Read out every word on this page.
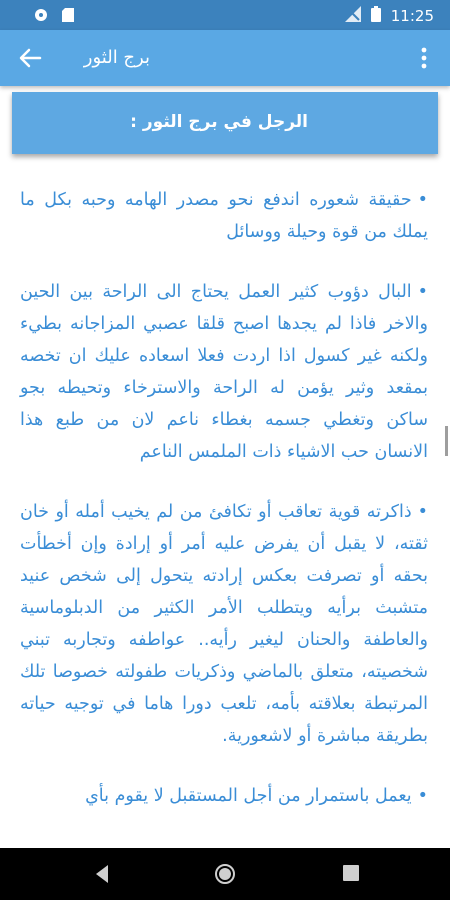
11:25
برج الثور
الرجل في برج الثور :

•حقيقة شعوره اندفع نحو مصدر الهامه وحبه بكل ما يملك من قوة وحيلة ووسائل

•البال دؤوب كثير العمل يحتاج الى الراحة بين الحين والاخر فاذا لم يجدها اصبح قلقا عصبي المزاجانه بطيء ولكنه غير كسول اذا اردت فعلا اسعاده عليك ان تخصه بمقعد وثير يؤمن له الراحة والاسترخاء وتحيطه بجو ساكن وتغطي جسمه بغطاء ناعم لان من طبع هذا الانسان حب الاشياء ذات الملمس الناعم

•ذاكرته قوية تعاقب أو تكافئ من لم يخيب أمله أو خان ثقته، لا يقبل أن يفرض عليه أمر أو إرادة وإن أخطأت بحقه أو تصرفت بعكس إرادته يتحول إلى شخص عنيد متشبث برأيه ويتطلب الأمر الكثير من الدبلوماسية والعاطفة والحنان ليغير رأيه.. عواطفه وتجاربه تبني شخصيته، متعلق بالماضي وذكريات طفولته خصوصا تلك المرتبطة بعلاقته بأمه، تلعب دورا هاما في توجيه حياته بطريقة مباشرة أو لاشعورية.

•يعمل باستمرار من أجل المستقبل لا يقوم بأي
